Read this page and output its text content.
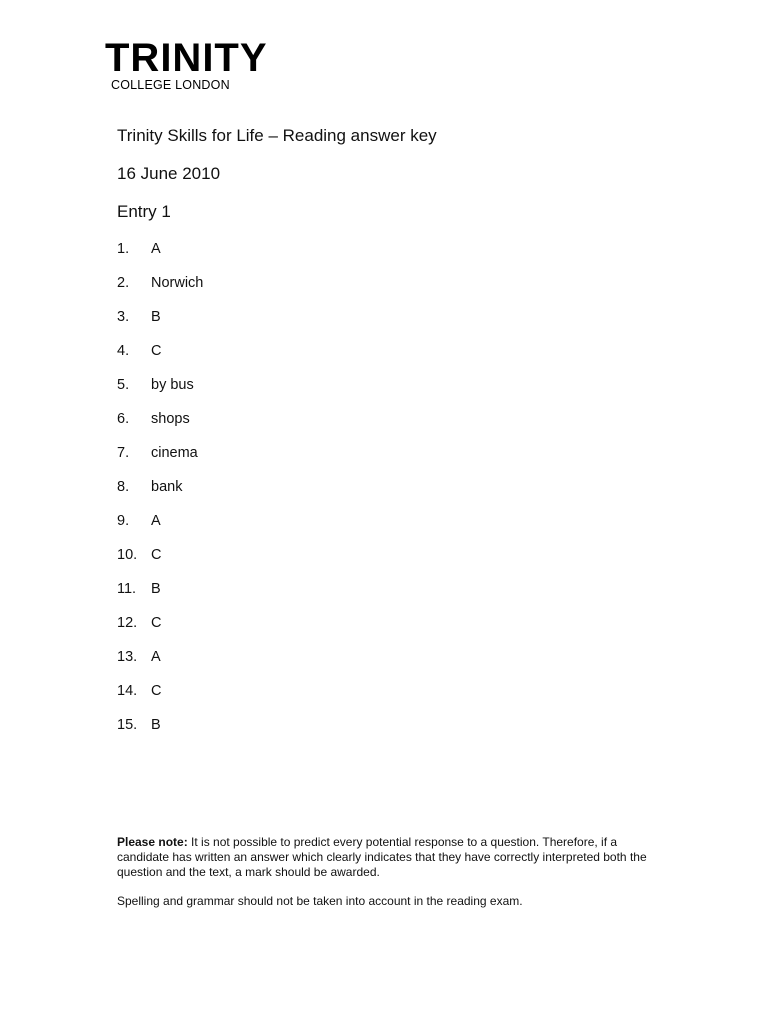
TRINITY
COLLEGE LONDON
Trinity Skills for Life – Reading answer key
16 June 2010
Entry 1
1.	A
2.	Norwich
3.	B
4.	C
5.	by bus
6.	shops
7.	cinema
8.	bank
9.	A
10. C
11.	B
12. C
13. A
14. C
15. B
Please note: It is not possible to predict every potential response to a question. Therefore, if a candidate has written an answer which clearly indicates that they have correctly interpreted both the question and the text, a mark should be awarded.
Spelling and grammar should not be taken into account in the reading exam.
